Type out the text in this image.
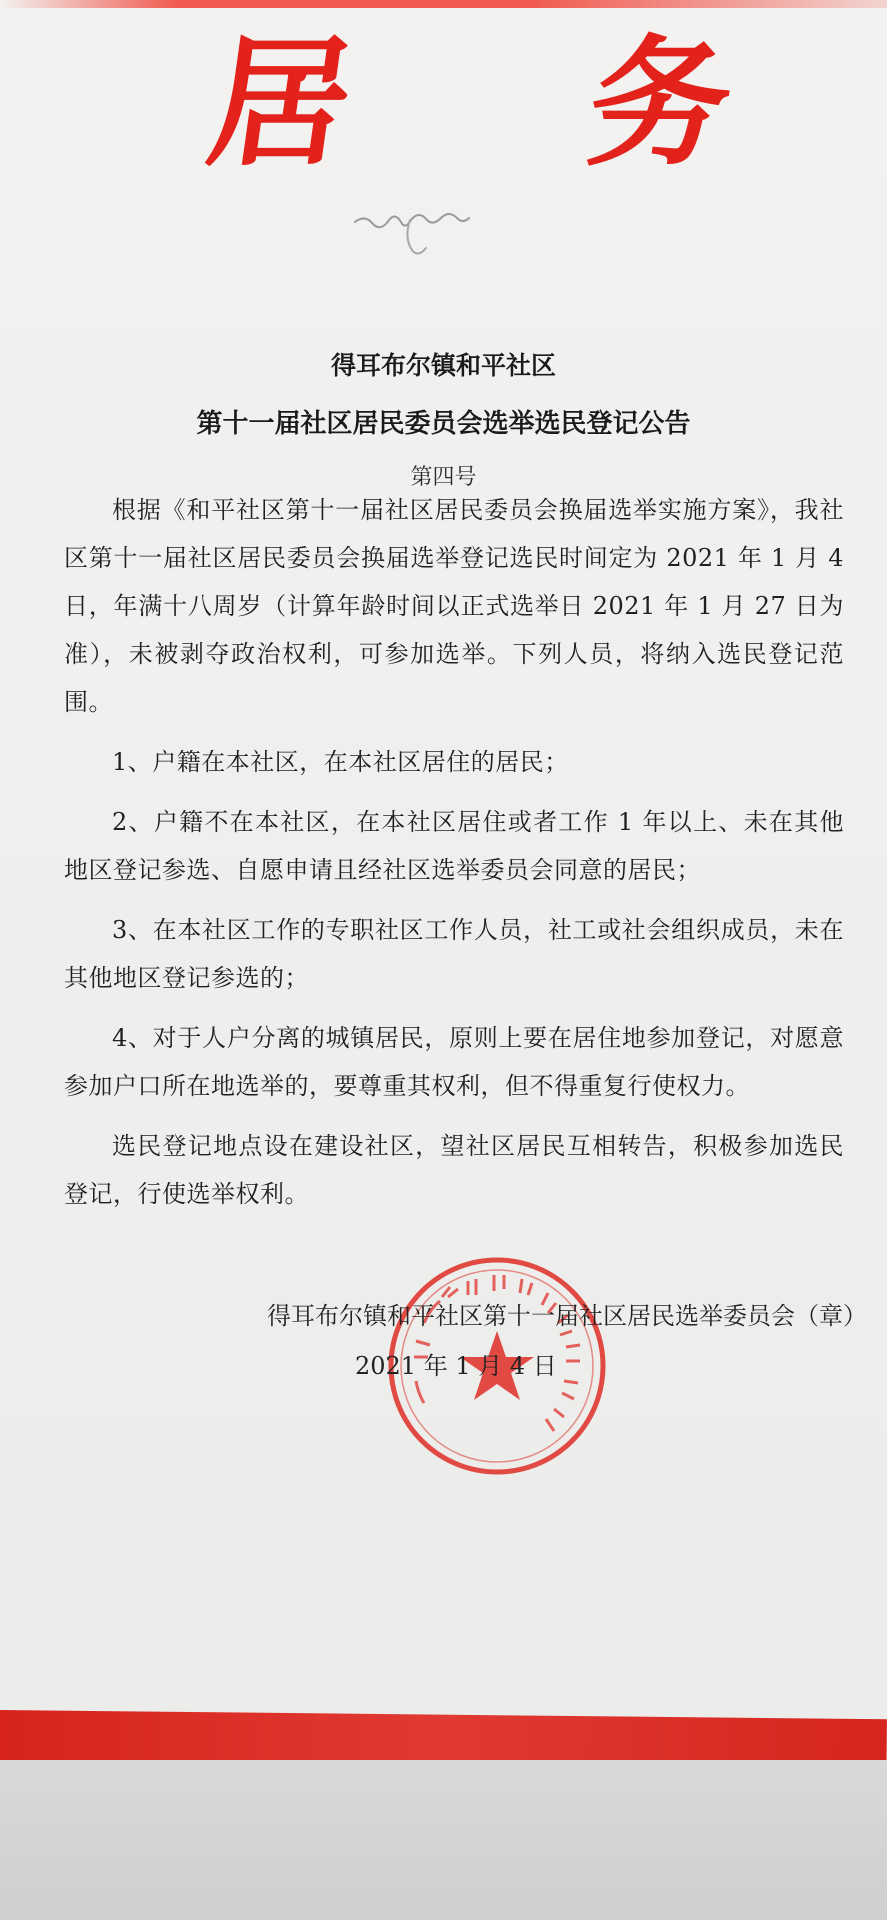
居 务
得耳布尔镇和平社区
第十一届社区居民委员会选举选民登记公告
第四号

根据《和平社区第十一届社区居民委员会换届选举实施方案》，我社区第十一届社区居民委员会换届选举登记选民时间定为 2021 年 1 月 4 日，年满十八周岁（计算年龄时间以正式选举日 2021 年 1 月 27 日为准），未被剥夺政治权利，可参加选举。下列人员，将纳入选民登记范围。

1、户籍在本社区，在本社区居住的居民；

2、户籍不在本社区，在本社区居住或者工作 1 年以上、未在其他地区登记参选、自愿申请且经社区选举委员会同意的居民；

3、在本社区工作的专职社区工作人员，社工或社会组织成员，未在其他地区登记参选的；

4、对于人户分离的城镇居民，原则上要在居住地参加登记，对愿意参加户口所在地选举的，要尊重其权利，但不得重复行使权力。

选民登记地点设在建设社区，望社区居民互相转告，积极参加选民登记，行使选举权利。

得耳布尔镇和平社区第十一届社区居民选举委员会（章）
2021 年 1 月 4 日
